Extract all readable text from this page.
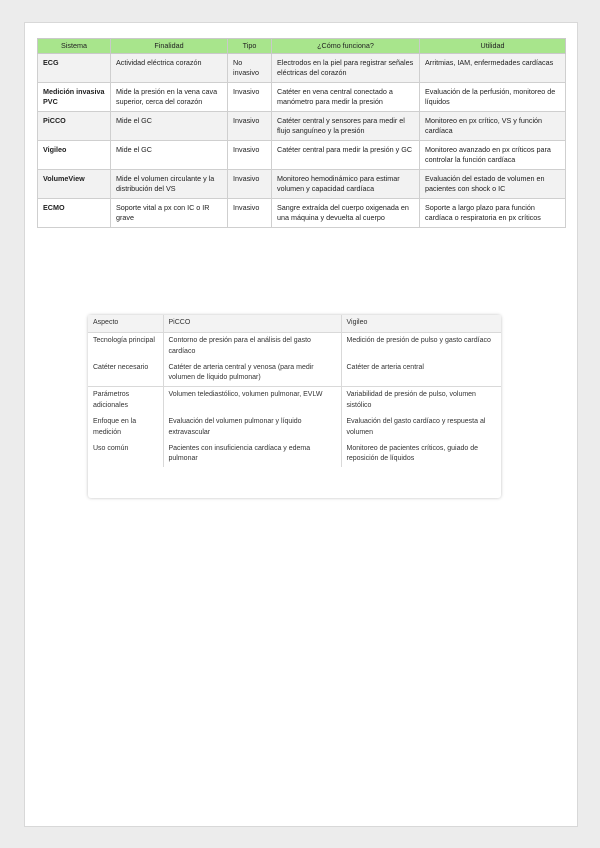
Sistema	Finalidad	Tipo	¿Cómo funciona?	Utilidad
ECG	Actividad eléctrica corazón	No invasivo	Electrodos en la piel para registrar señales eléctricas del corazón	Arritmias, IAM, enfermedades cardíacas
Medición invasiva PVC	Mide la presión en la vena cava superior, cerca del corazón	Invasivo	Catéter en vena central conectado a manómetro para medir la presión	Evaluación de la perfusión, monitoreo de líquidos
PiCCO	Mide el GC	Invasivo	Catéter central y sensores para medir el flujo sanguíneo y la presión	Monitoreo en px crítico, VS y función cardíaca
Vigileo	Mide el GC	Invasivo	Catéter central para medir la presión y GC	Monitoreo avanzado en px críticos para controlar la función cardíaca
VolumeView	Mide el volumen circulante y la distribución del VS	Invasivo	Monitoreo hemodinámico para estimar volumen y capacidad cardíaca	Evaluación del estado de volumen en pacientes con shock o IC
ECMO	Soporte vital a px con IC o IR grave	Invasivo	Sangre extraída del cuerpo oxigenada en una máquina y devuelta al cuerpo	Soporte a largo plazo para función cardíaca o respiratoria en px críticos
Aspecto	PiCCO	Vigileo
Tecnología principal	Contorno de presión para el análisis del gasto cardíaco	Medición de presión de pulso y gasto cardíaco
Catéter necesario	Catéter de arteria central y venosa (para medir volumen de líquido pulmonar)	Catéter de arteria central
Parámetros adicionales	Volumen telediastólico, volumen pulmonar, EVLW	Variabilidad de presión de pulso, volumen sistólico
Enfoque en la medición	Evaluación del volumen pulmonar y líquido extravascular	Evaluación del gasto cardíaco y respuesta al volumen
Uso común	Pacientes con insuficiencia cardíaca y edema pulmonar	Monitoreo de pacientes críticos, guiado de reposición de líquidos
